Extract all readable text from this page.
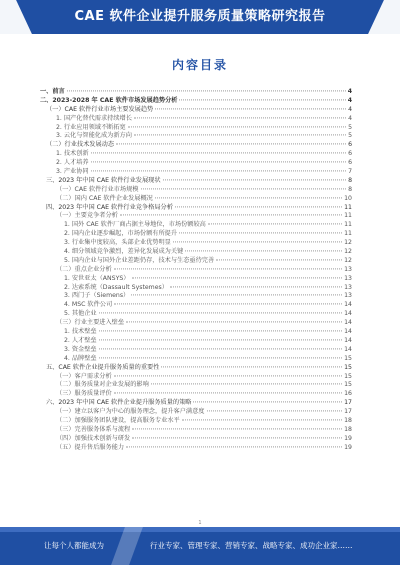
CAE 软件企业提升服务质量策略研究报告
内容目录
一、前言	4
二、2023-2028 年 CAE 软件市场发展趋势分析	4
（一）CAE 软件行业市场主要发展趋势	4
1. 国产化替代需求持续增长	4
2. 行业应用领域不断拓宽	5
3. 云化与智能化成为新方向	5
（二）行业技术发展动态	6
1. 技术创新	6
2. 人才培养	6
3. 产业协同	7
三、2023 年中国 CAE 软件行业发展现状	8
（一）CAE 软件行业市场规模	8
（二）国内 CAE 软件企业发展概况	10
四、2023 年中国 CAE 软件行业竞争格局分析	11
（一）主要竞争者分析	11
1. 国外 CAE 软件厂商占据主导地位，市场份额较高	11
2. 国内企业逐步崛起，市场份额有所提升	11
3. 行业集中度较高，头部企业优势明显	12
4. 细分领域竞争激烈，差异化发展成为关键	12
5. 国内企业与国外企业差距仍存，技术与生态亟待完善	12
（二）重点企业分析	13
1. 安世亚太（ANSYS）	13
2. 达索系统（Dassault Systemes）	13
3. 西门子（Siemens）	13
4. MSC 软件公司	14
5. 其他企业	14
（三）行业主要进入壁垒	14
1. 技术壁垒	14
2. 人才壁垒	14
3. 资金壁垒	14
4. 品牌壁垒	15
五、CAE 软件企业提升服务质量的重要性	15
（一）客户需求分析	15
（二）服务质量对企业发展的影响	15
（三）服务质量评价	16
六、2023 年中国 CAE 软件企业提升服务质量的策略	17
（一）建立以客户为中心的服务理念，提升客户满意度	17
（二）加强服务团队建设，提高服务专业水平	18
（三）完善服务体系与流程	18
（四）加强技术创新与研发	19
（五）提升售后服务能力	19
1
让每个人都能成为	行业专家、管理专家、营销专家、战略专家、成功企业家……
